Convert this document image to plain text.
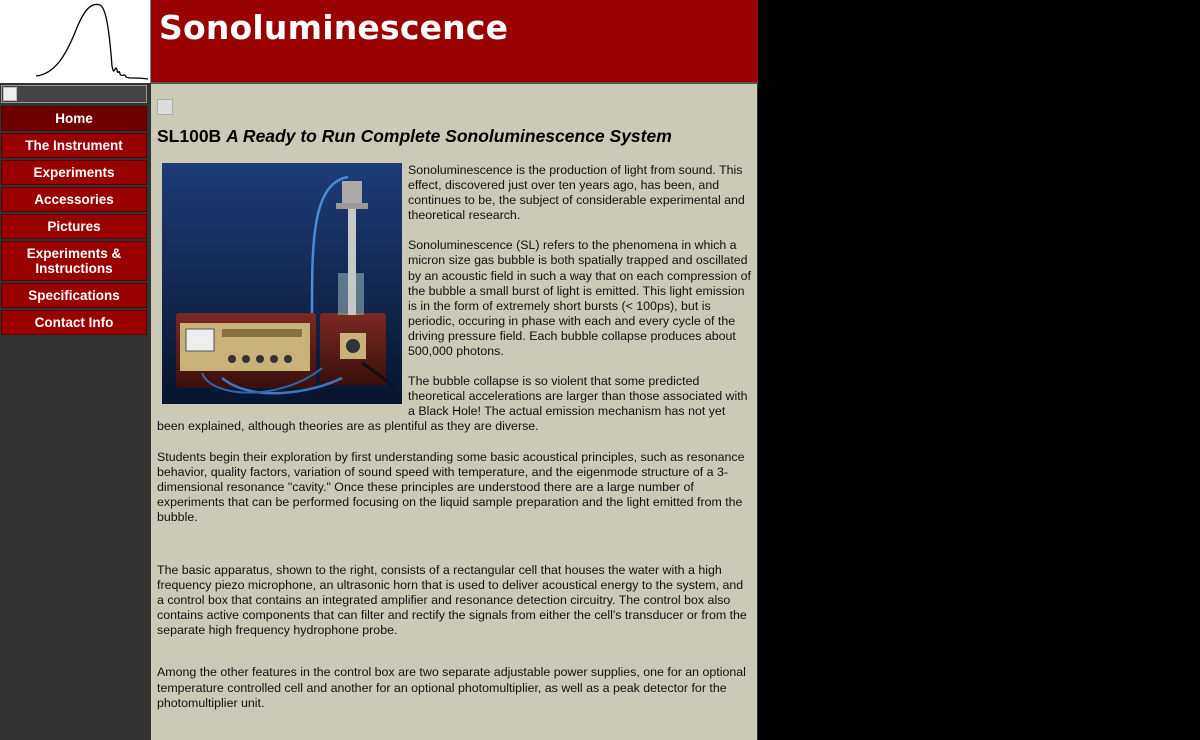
Sonoluminescence
Home
The Instrument
Experiments
Accessories
Pictures
Experiments & Instructions
Specifications
Contact Info
SL100B A Ready to Run Complete Sonoluminescence System

Sonoluminescence is the production of light from sound. This effect, discovered just over ten years ago, has been, and continues to be, the subject of considerable experimental and theoretical research.

Sonoluminescence (SL) refers to the phenomena in which a micron size gas bubble is both spatially trapped and oscillated by an acoustic field in such a way that on each compression of the bubble a small burst of light is emitted. This light emission is in the form of extremely short bursts (< 100ps), but is periodic, occuring in phase with each and every cycle of the driving pressure field. Each bubble collapse produces about 500,000 photons.

The bubble collapse is so violent that some predicted theoretical accelerations are larger than those associated with a Black Hole! The actual emission mechanism has not yet been explained, although theories are as plentiful as they are diverse.

Students begin their exploration by first understanding some basic acoustical principles, such as resonance behavior, quality factors, variation of sound speed with temperature, and the eigenmode structure of a 3-dimensional resonance "cavity." Once these principles are understood there are a large number of experiments that can be performed focusing on the liquid sample preparation and the light emitted from the bubble.

The basic apparatus, shown to the right, consists of a rectangular cell that houses the water with a high frequency piezo microphone, an ultrasonic horn that is used to deliver acoustical energy to the system, and a control box that contains an integrated amplifier and resonance detection circuitry. The control box also contains active components that can filter and rectify the signals from either the cell's transducer or from the separate high frequency hydrophone probe.

Among the other features in the control box are two separate adjustable power supplies, one for an optional temperature controlled cell and another for an optional photomultiplier, as well as a peak detector for the photomultiplier unit.
